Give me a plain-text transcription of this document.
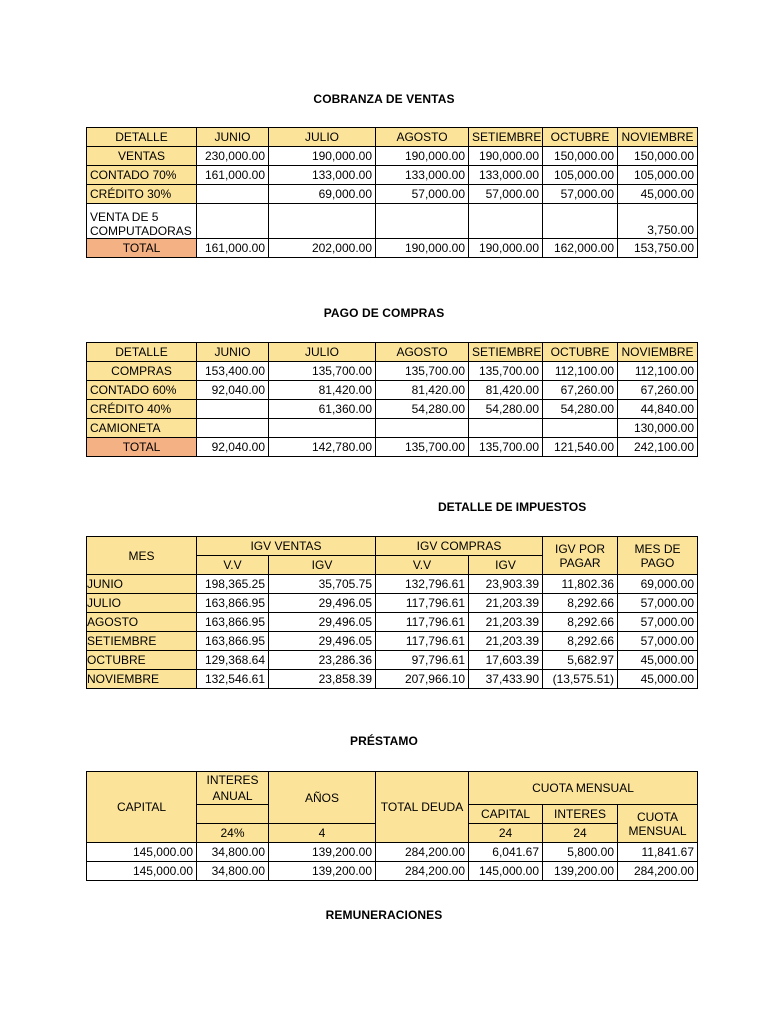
COBRANZA DE VENTAS
DETALLE	JUNIO	JULIO	AGOSTO	SETIEMBRE	OCTUBRE	NOVIEMBRE
VENTAS	230,000.00	190,000.00	190,000.00	190,000.00	150,000.00	150,000.00
CONTADO 70%	161,000.00	133,000.00	133,000.00	133,000.00	105,000.00	105,000.00
CRÉDITO 30%		69,000.00	57,000.00	57,000.00	57,000.00	45,000.00
VENTA DE 5 COMPUTADORAS						3,750.00
TOTAL	161,000.00	202,000.00	190,000.00	190,000.00	162,000.00	153,750.00
PAGO DE COMPRAS
DETALLE	JUNIO	JULIO	AGOSTO	SETIEMBRE	OCTUBRE	NOVIEMBRE
COMPRAS	153,400.00	135,700.00	135,700.00	135,700.00	112,100.00	112,100.00
CONTADO 60%	92,040.00	81,420.00	81,420.00	81,420.00	67,260.00	67,260.00
CRÉDITO 40%		61,360.00	54,280.00	54,280.00	54,280.00	44,840.00
CAMIONETA						130,000.00
TOTAL	92,040.00	142,780.00	135,700.00	135,700.00	121,540.00	242,100.00
DETALLE DE IMPUESTOS
MES	IGV VENTAS		IGV COMPRAS		IGV POR PAGAR	MES DE PAGO
	V.V	IGV	V.V	IGV		
JUNIO	198,365.25	35,705.75	132,796.61	23,903.39	11,802.36	69,000.00
JULIO	163,866.95	29,496.05	117,796.61	21,203.39	8,292.66	57,000.00
AGOSTO	163,866.95	29,496.05	117,796.61	21,203.39	8,292.66	57,000.00
SETIEMBRE	163,866.95	29,496.05	117,796.61	21,203.39	8,292.66	57,000.00
OCTUBRE	129,368.64	23,286.36	97,796.61	17,603.39	5,682.97	45,000.00
NOVIEMBRE	132,546.61	23,858.39	207,966.10	37,433.90	(13,575.51)	45,000.00
PRÉSTAMO
CAPITAL	INTERES ANUAL	AÑOS	TOTAL DEUDA	CUOTA MENSUAL		
				CAPITAL	INTERES	CUOTA MENSUAL
	24%	4		24	24	
145,000.00	34,800.00	139,200.00	284,200.00	6,041.67	5,800.00	11,841.67
145,000.00	34,800.00	139,200.00	284,200.00	145,000.00	139,200.00	284,200.00
REMUNERACIONES
